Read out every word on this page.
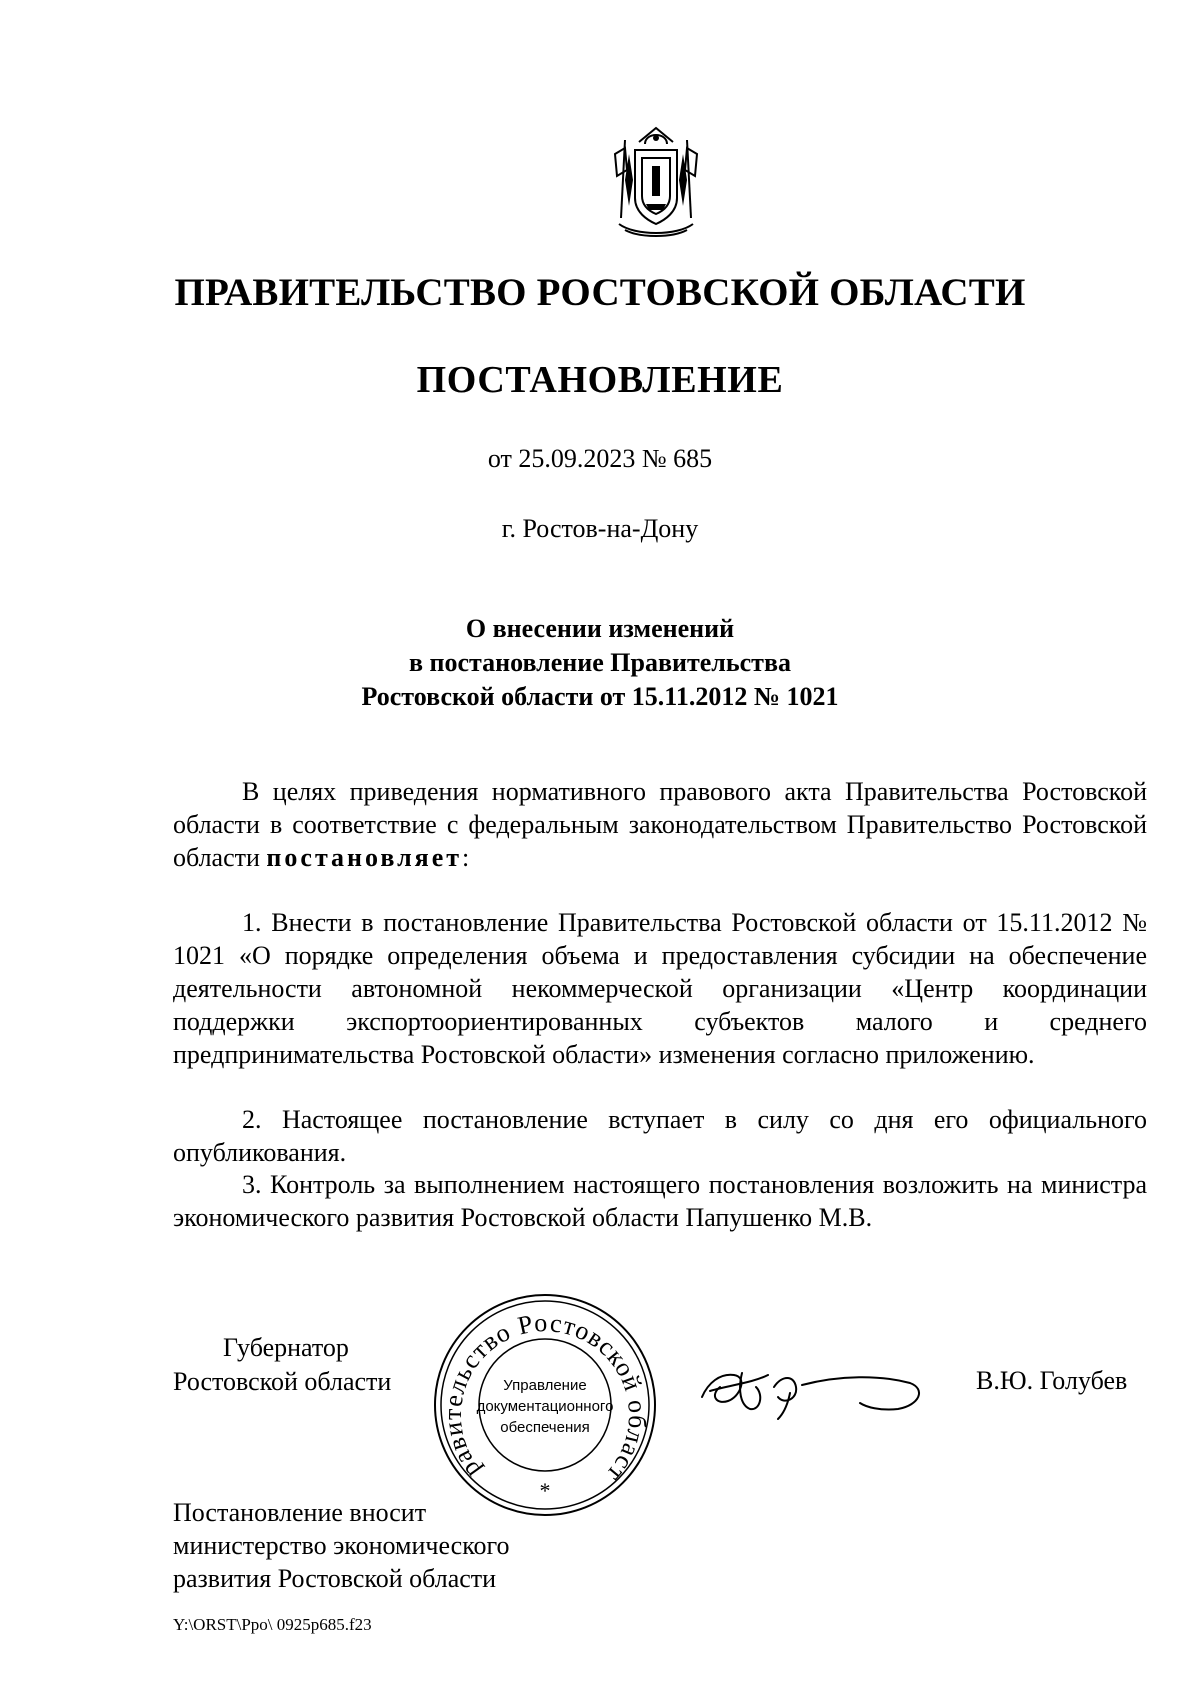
ПРАВИТЕЛЬСТВО РОСТОВСКОЙ ОБЛАСТИ
ПОСТАНОВЛЕНИЕ
от 25.09.2023 № 685
г. Ростов-на-Дону
О внесении изменений
в постановление Правительства
Ростовской области от 15.11.2012 № 1021
В целях приведения нормативного правового акта Правительства Ростовской области в соответствие с федеральным законодательством Правительство Ростовской области постановляет:
1. Внести в постановление Правительства Ростовской области от 15.11.2012 № 1021 «О порядке определения объема и предоставления субсидии на обеспечение деятельности автономной некоммерческой организации «Центр координации поддержки экспортоориентированных субъектов малого и среднего предпринимательства Ростовской области» изменения согласно приложению.
2. Настоящее постановление вступает в силу со дня его официального опубликования.
3. Контроль за выполнением настоящего постановления возложить на министра экономического развития Ростовской области Папушенко М.В.
Губернатор
Ростовской области
равительство Ростовской област
Управление
документационного
обеспечения
*
В.Ю. Голубев
Постановление вносит
министерство экономического
развития Ростовской области
Y:\ORST\Ppo\ 0925p685.f23
